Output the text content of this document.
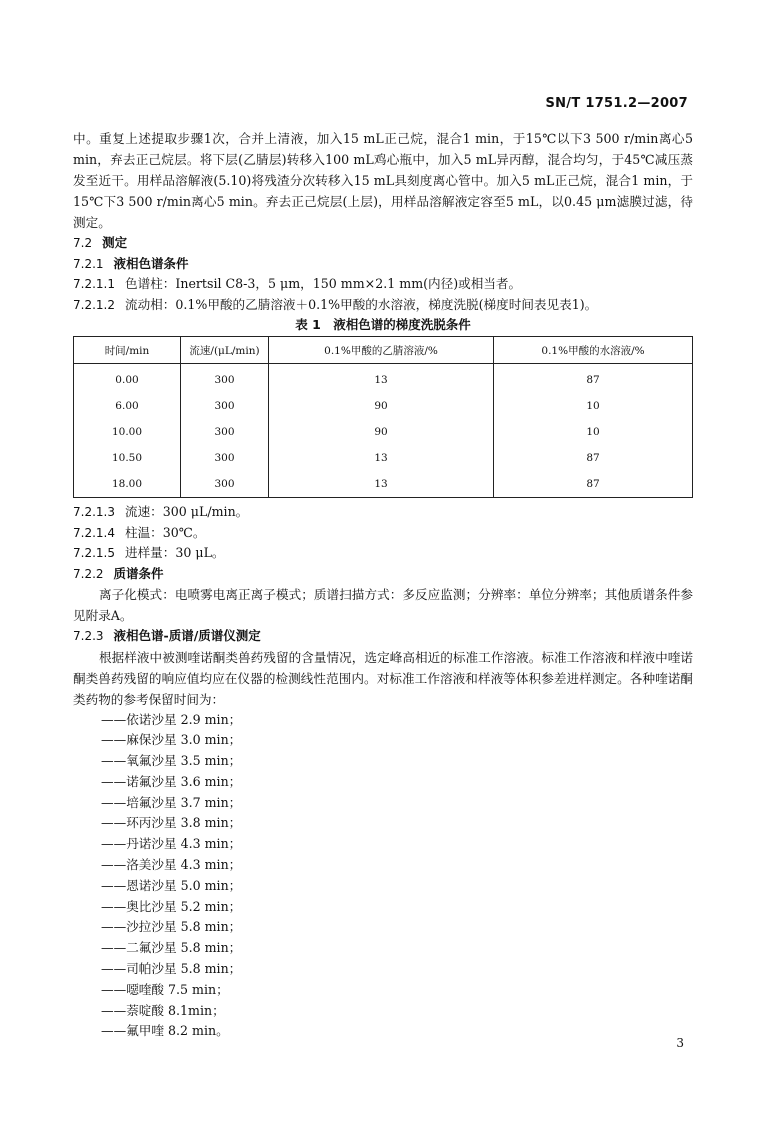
SN/T 1751.2—2007

中。重复上述提取步骤1次，合并上清液，加入15 mL正己烷，混合1 min，于15℃以下3 500 r/min离心5 min，弃去正己烷层。将下层(乙腈层)转移入100 mL鸡心瓶中，加入5 mL异丙醇，混合均匀，于45℃减压蒸发至近干。用样品溶解液(5.10)将残渣分次转移入15 mL具刻度离心管中。加入5 mL正己烷，混合1 min，于15℃下3 500 r/min离心5 min。弃去正己烷层(上层)，用样品溶解液定容至5 mL，以0.45 μm滤膜过滤，待测定。

7.2 测定

7.2.1 液相色谱条件

7.2.1.1 色谱柱：Inertsil C8-3，5 μm，150 mm×2.1 mm(内径)或相当者。

7.2.1.2 流动相：0.1%甲酸的乙腈溶液＋0.1%甲酸的水溶液，梯度洗脱(梯度时间表见表1)。

表 1　液相色谱的梯度洗脱条件

时间/min	流速/(μL/min)	0.1%甲酸的乙腈溶液/%	0.1%甲酸的水溶液/%
0.00	300	13	87
6.00	300	90	10
10.00	300	90	10
10.50	300	13	87
18.00	300	13	87

7.2.1.3 流速：300 μL/min。

7.2.1.4 柱温：30℃。

7.2.1.5 进样量：30 μL。

7.2.2 质谱条件

离子化模式：电喷雾电离正离子模式；质谱扫描方式：多反应监测；分辨率：单位分辨率；其他质谱条件参见附录A。

7.2.3 液相色谱-质谱/质谱仪测定

根据样液中被测喹诺酮类兽药残留的含量情况，选定峰高相近的标准工作溶液。标准工作溶液和样液中喹诺酮类兽药残留的响应值均应在仪器的检测线性范围内。对标准工作溶液和样液等体积参差进样测定。各种喹诺酮类药物的参考保留时间为：

——依诺沙星 2.9 min；
——麻保沙星 3.0 min；
——氧氟沙星 3.5 min；
——诺氟沙星 3.6 min；
——培氟沙星 3.7 min；
——环丙沙星 3.8 min；
——丹诺沙星 4.3 min；
——洛美沙星 4.3 min；
——恩诺沙星 5.0 min；
——奥比沙星 5.2 min；
——沙拉沙星 5.8 min；
——二氟沙星 5.8 min；
——司帕沙星 5.8 min；
——噁喹酸 7.5 min；
——萘啶酸 8.1min；
——氟甲喹 8.2 min。
3
